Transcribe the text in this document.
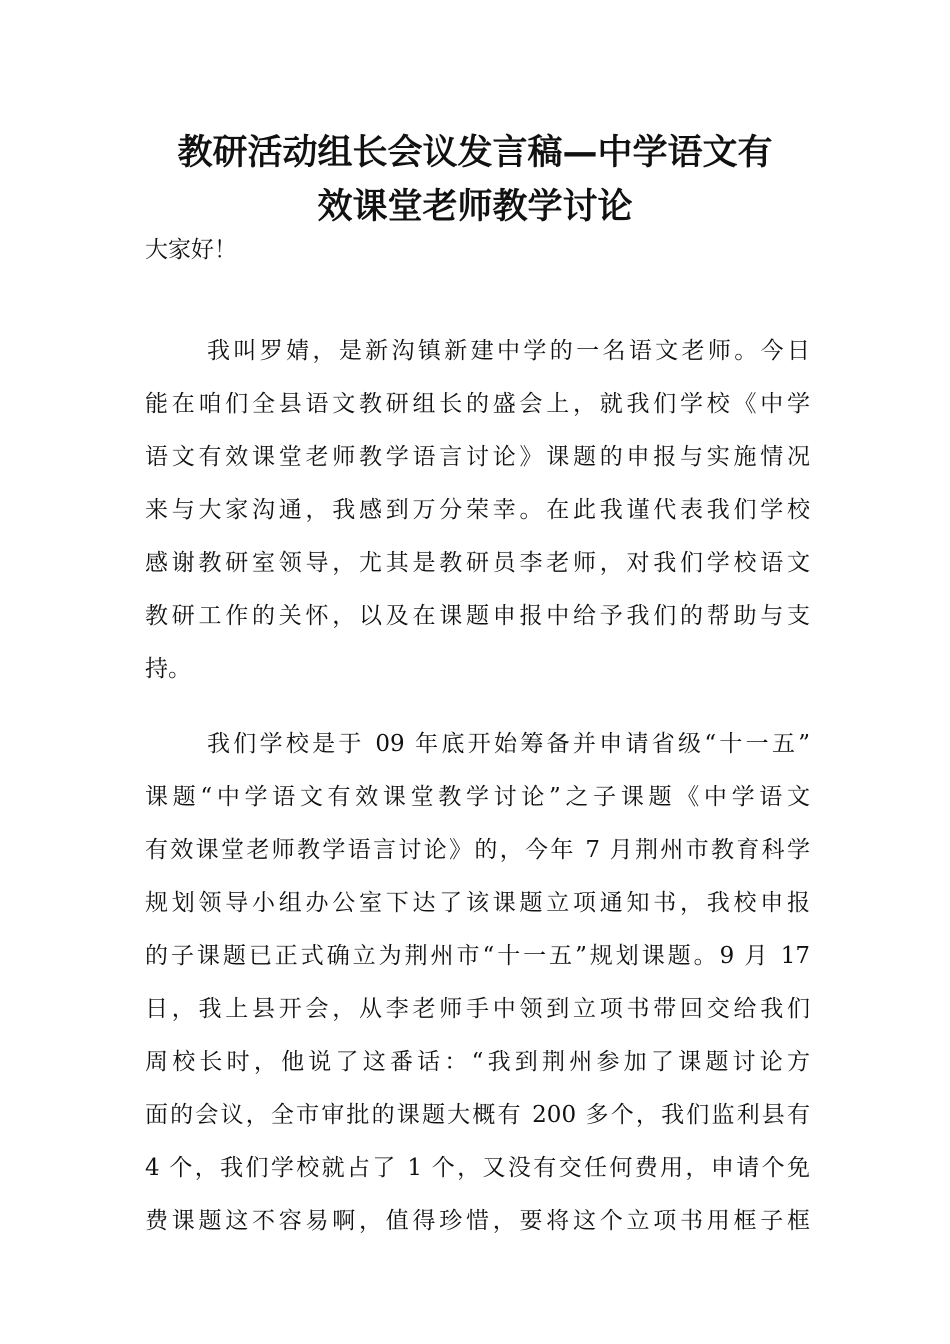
教研活动组长会议发言稿—中学语文有
效课堂老师教学讨论

大家好！

我叫罗婧，是新沟镇新建中学的一名语文老师。今日
能在咱们全县语文教研组长的盛会上，就我们学校《中学
语文有效课堂老师教学语言讨论》课题的申报与实施情况
来与大家沟通，我感到万分荣幸。在此我谨代表我们学校
感谢教研室领导，尤其是教研员李老师，对我们学校语文
教研工作的关怀，以及在课题申报中给予我们的帮助与支
持。
我们学校是于 09 年底开始筹备并申请省级“十一五”
课题“中学语文有效课堂教学讨论”之子课题《中学语文
有效课堂老师教学语言讨论》的，今年 7 月荆州市教育科学
规划领导小组办公室下达了该课题立项通知书，我校申报
的子课题已正式确立为荆州市“十一五”规划课题。9 月 17
日，我上县开会，从李老师手中领到立项书带回交给我们
周校长时，他说了这番话：“我到荆州参加了课题讨论方
面的会议，全市审批的课题大概有 200 多个，我们监利县有
4 个，我们学校就占了 1 个，又没有交任何费用，申请个免
费课题这不容易啊，值得珍惜，要将这个立项书用框子框
